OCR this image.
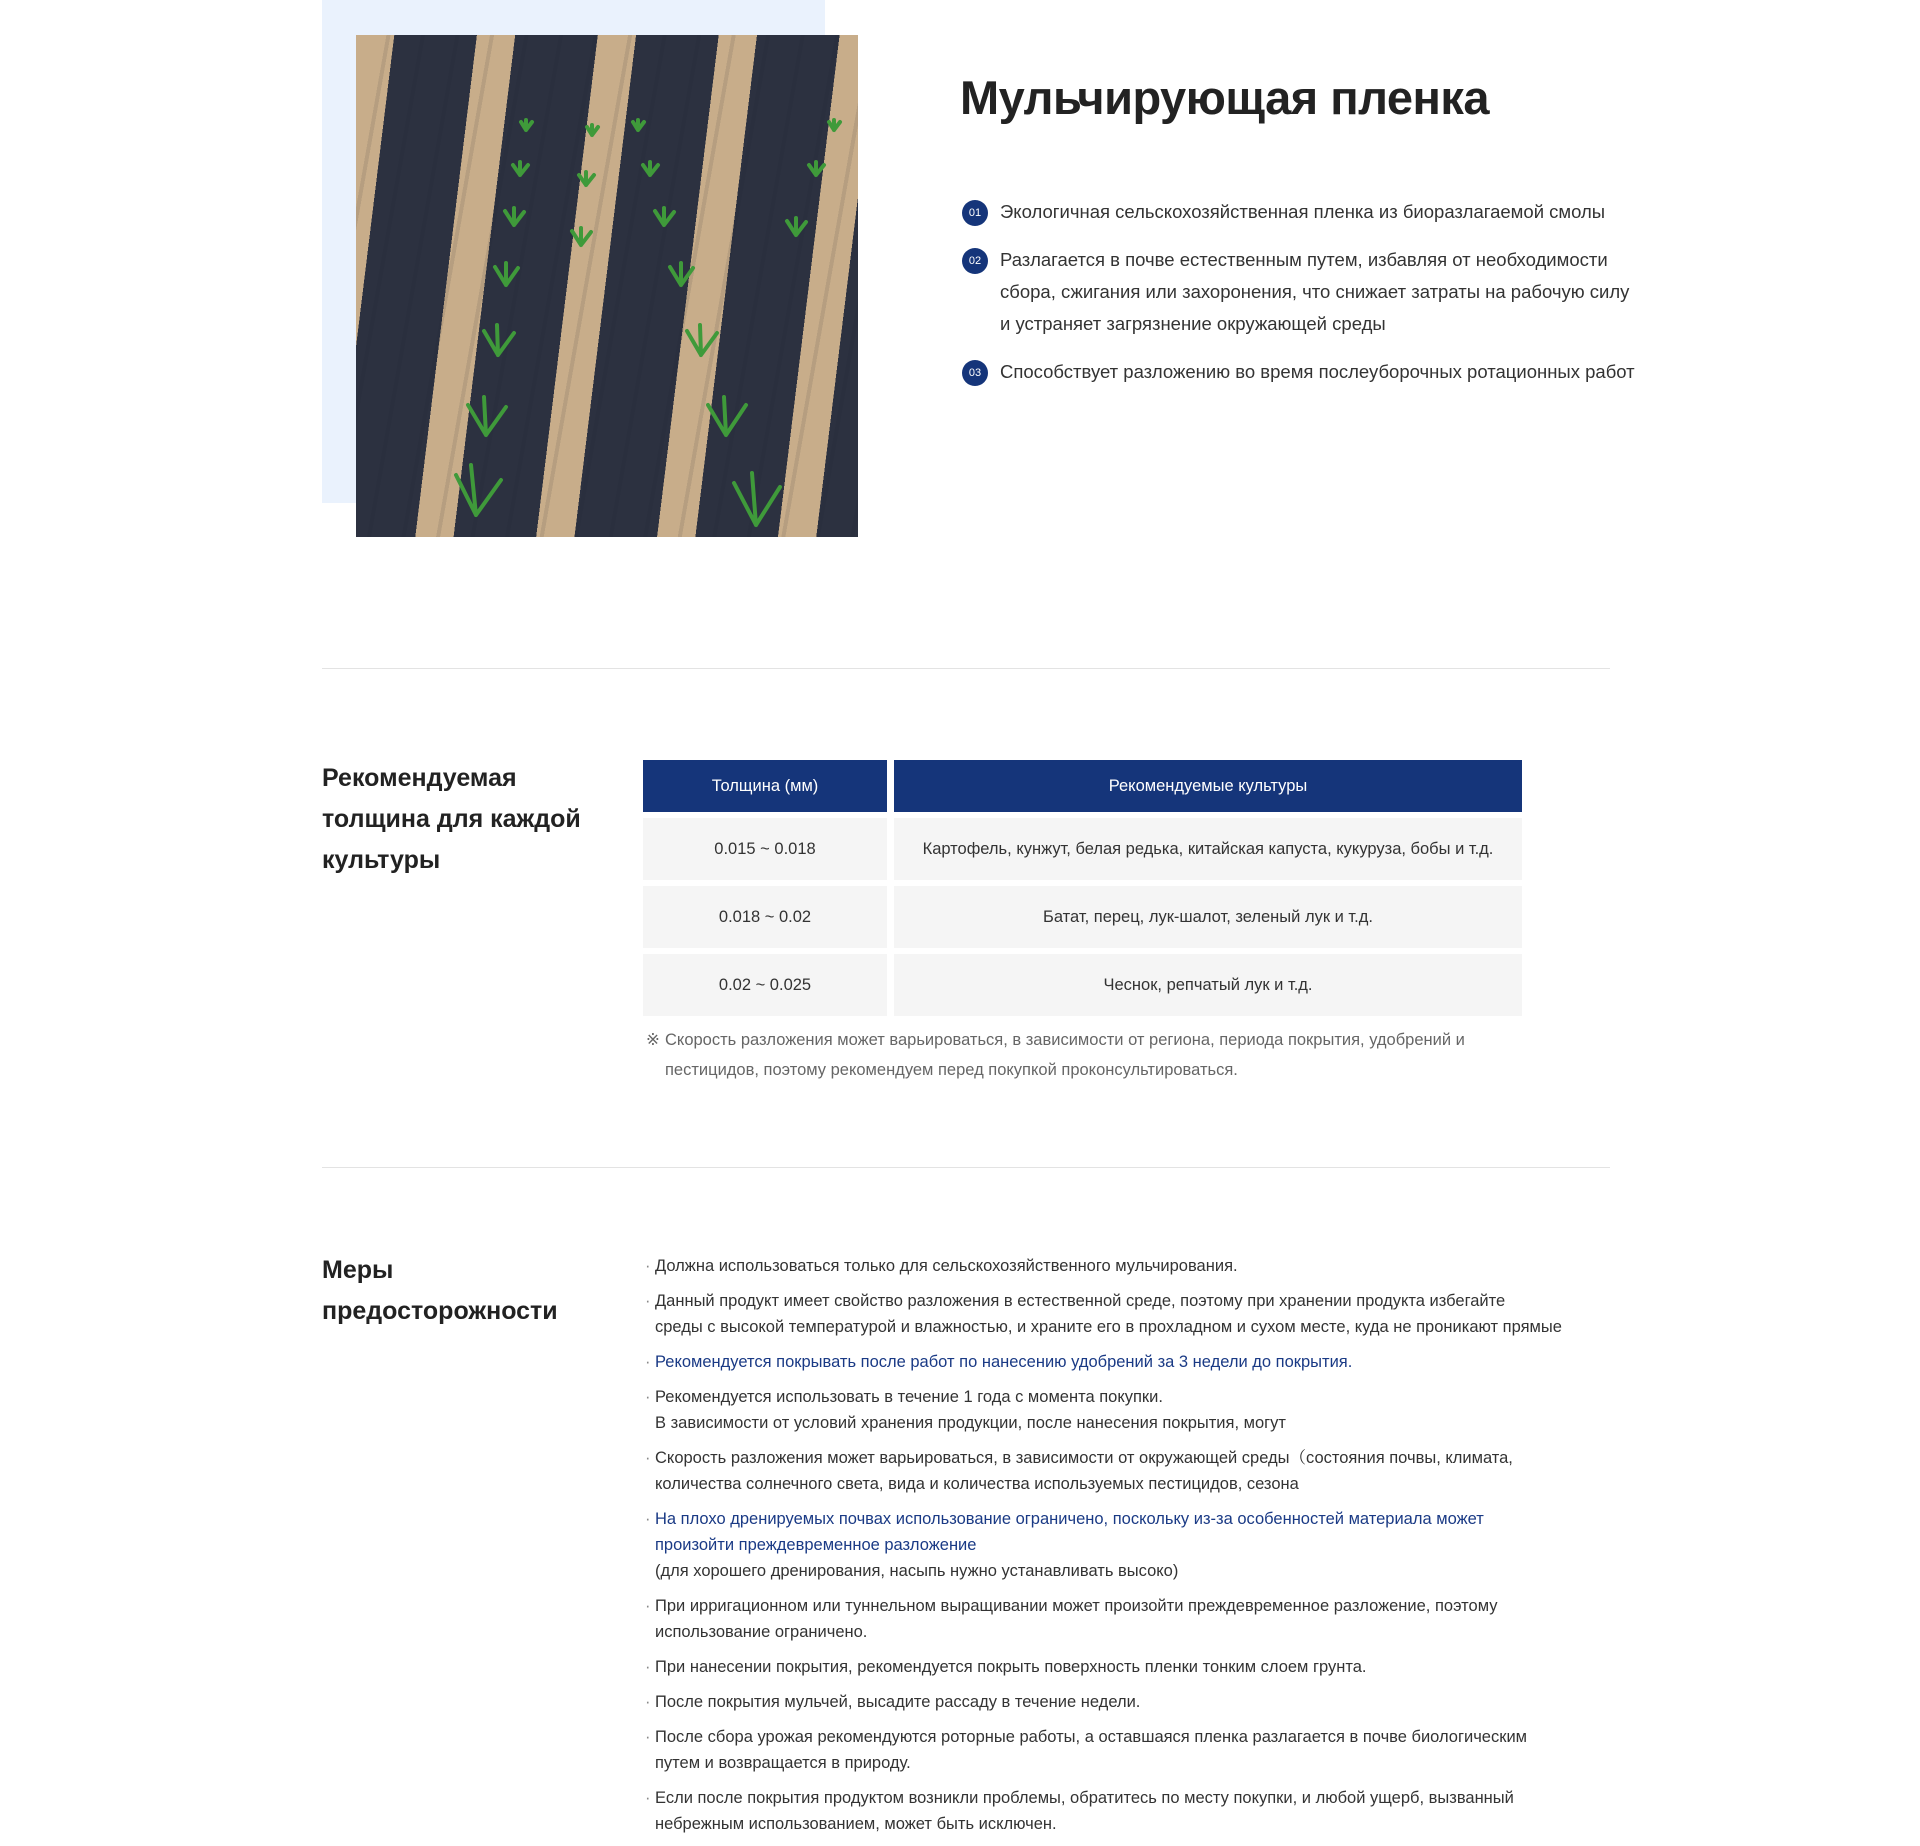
Мульчирующая пленка
01	Экологичная сельскохозяйственная пленка из биоразлагаемой смолы
02	Разлагается в почве естественным путем, избавляя от необходимости сбора, сжигания или захоронения, что снижает затраты на рабочую силу и устраняет загрязнение окружающей среды
03	Способствует разложению во время послеуборочных ротационных работ
Рекомендуемая
толщина для каждой
культуры
Толщина (мм)	Рекомендуемые культуры
0.015 ~ 0.018	Картофель, кунжут, белая редька, китайская капуста, кукуруза, бобы и т.д.
0.018 ~ 0.02	Батат, перец, лук-шалот, зеленый лук и т.д.
0.02 ~ 0.025	Чеснок, репчатый лук и т.д.

※ Скорость разложения может варьироваться, в зависимости от региона, периода покрытия, удобрений и пестицидов, поэтому рекомендуем перед покупкой проконсультироваться.

Меры
предосторожности
· Должна использоваться только для сельскохозяйственного мульчирования.
· Данный продукт имеет свойство разложения в естественной среде, поэтому при хранении продукта избегайте
среды с высокой температурой и влажностью, и храните его в прохладном и сухом месте, куда не проникают прямые
· Рекомендуется покрывать после работ по нанесению удобрений за 3 недели до покрытия.
· Рекомендуется использовать в течение 1 года с момента покупки.
В зависимости от условий хранения продукции, после нанесения покрытия, могут
· Скорость разложения может варьироваться, в зависимости от окружающей среды（состояния почвы, климата,
количества солнечного света, вида и количества используемых пестицидов, сезона
· На плохо дренируемых почвах использование ограничено, поскольку из-за особенностей материала может
произойти преждевременное разложение
(для хорошего дренирования, насыпь нужно устанавливать высоко)
· При ирригационном или туннельном выращивании может произойти преждевременное разложение, поэтому
использование ограничено.
· При нанесении покрытия, рекомендуется покрыть поверхность пленки тонким слоем грунта.
· После покрытия мульчей, высадите рассаду в течение недели.
· После сбора урожая рекомендуются роторные работы, а оставшаяся пленка разлагается в почве биологическим
путем и возвращается в природу.
· Если после покрытия продуктом возникли проблемы, обратитесь по месту покупки, и любой ущерб, вызванный
небрежным использованием, может быть исключен.
